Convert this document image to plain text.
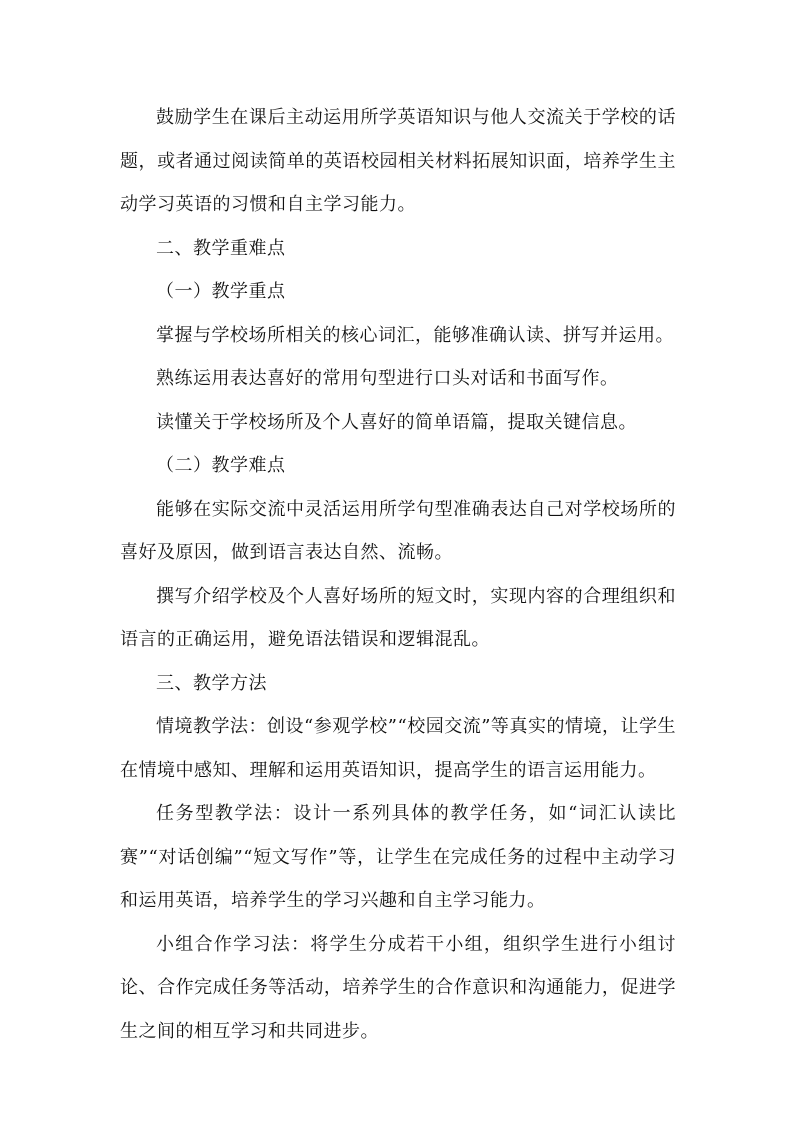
鼓励学生在课后主动运用所学英语知识与他人交流关于学校的话题，或者通过阅读简单的英语校园相关材料拓展知识面，培养学生主动学习英语的习惯和自主学习能力。

二、教学重难点

（一）教学重点

掌握与学校场所相关的核心词汇，能够准确认读、拼写并运用。

熟练运用表达喜好的常用句型进行口头对话和书面写作。

读懂关于学校场所及个人喜好的简单语篇，提取关键信息。

（二）教学难点

能够在实际交流中灵活运用所学句型准确表达自己对学校场所的喜好及原因，做到语言表达自然、流畅。

撰写介绍学校及个人喜好场所的短文时，实现内容的合理组织和语言的正确运用，避免语法错误和逻辑混乱。

三、教学方法

情境教学法：创设“参观学校”“校园交流”等真实的情境，让学生在情境中感知、理解和运用英语知识，提高学生的语言运用能力。

任务型教学法：设计一系列具体的教学任务，如“词汇认读比赛”“对话创编”“短文写作”等，让学生在完成任务的过程中主动学习和运用英语，培养学生的学习兴趣和自主学习能力。

小组合作学习法：将学生分成若干小组，组织学生进行小组讨论、合作完成任务等活动，培养学生的合作意识和沟通能力，促进学生之间的相互学习和共同进步。
